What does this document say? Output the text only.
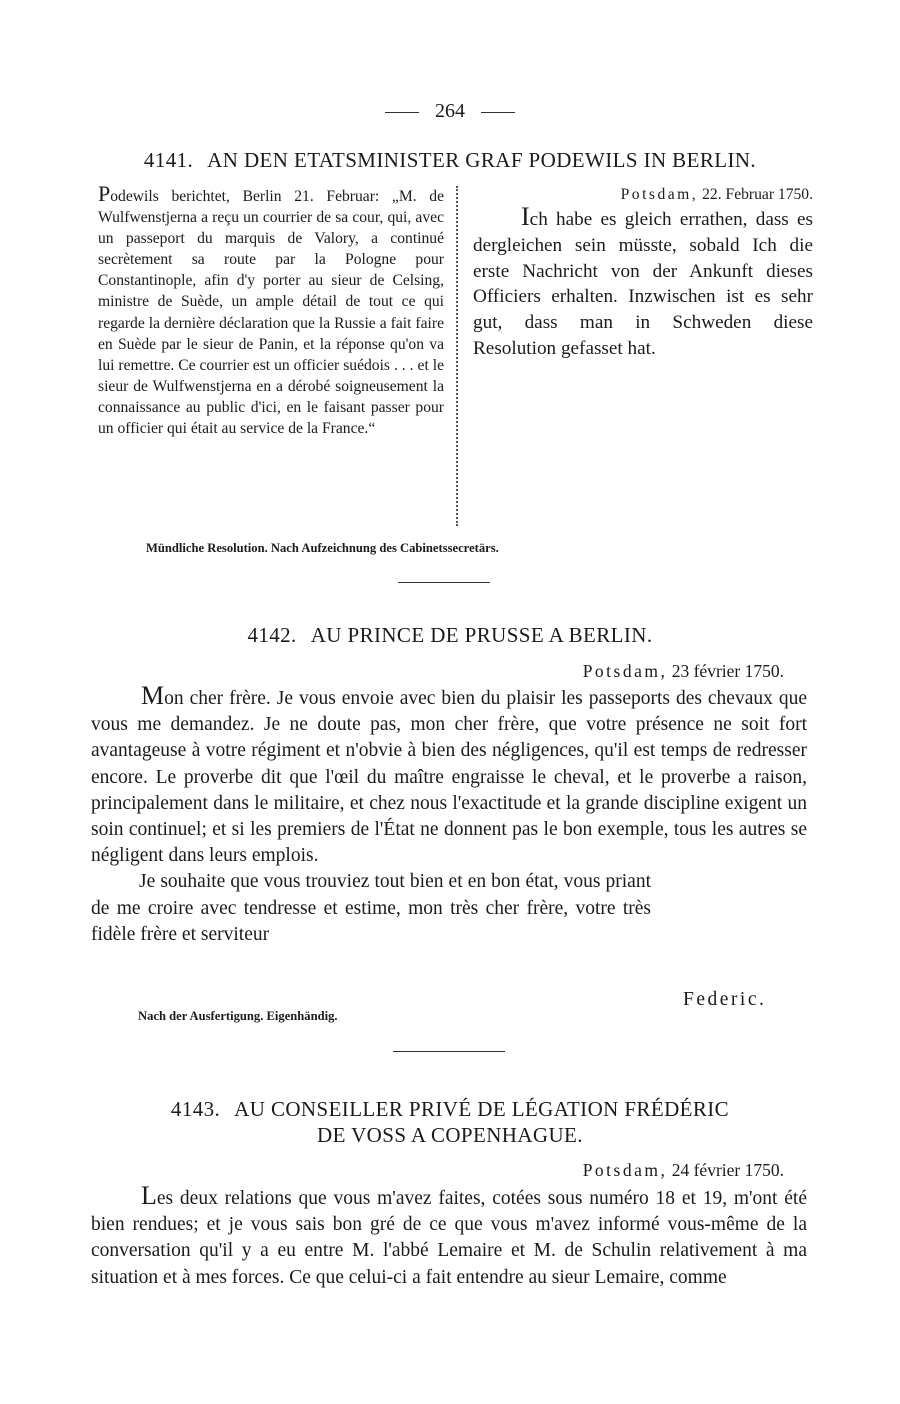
264
4141. AN DEN ETATSMINISTER GRAF PODEWILS IN BERLIN.

Podewils berichtet, Berlin 21. Februar: „M. de Wulfwenstjerna a reçu un courrier de sa cour, qui, avec un passeport du marquis de Valory, a continué secrètement sa route par la Pologne pour Constantinople, afin d'y porter au sieur de Celsing, ministre de Suède, un ample détail de tout ce qui regarde la dernière déclaration que la Russie a fait faire en Suède par le sieur de Panin, et la réponse qu'on va lui remettre. Ce courrier est un officier suédois . . . et le sieur de Wulfwenstjerna en a dérobé soigneusement la connaissance au public d'ici, en le faisant passer pour un officier qui était au service de la France.“

Potsdam, 22. Februar 1750.

Ich habe es gleich errathen, dass es dergleichen sein müsste, sobald Ich die erste Nachricht von der Ankunft dieses Officiers erhalten. Inzwischen ist es sehr gut, dass man in Schweden diese Resolution gefasset hat.

Mündliche Resolution. Nach Aufzeichnung des Cabinetssecretärs.
4142. AU PRINCE DE PRUSSE A BERLIN.
Potsdam, 23 février 1750.

Mon cher frère. Je vous envoie avec bien du plaisir les passeports des chevaux que vous me demandez. Je ne doute pas, mon cher frère, que votre présence ne soit fort avantageuse à votre régiment et n'obvie à bien des négligences, qu'il est temps de redresser encore. Le proverbe dit que l'œil du maître engraisse le cheval, et le proverbe a raison, principalement dans le militaire, et chez nous l'exactitude et la grande discipline exigent un soin continuel; et si les premiers de l'État ne donnent pas le bon exemple, tous les autres se négligent dans leurs emplois.

Je souhaite que vous trouviez tout bien et en bon état, vous priant de me croire avec tendresse et estime, mon très cher frère, votre très fidèle frère et serviteur

Federic.
Nach der Ausfertigung. Eigenhändig.
4143. AU CONSEILLER PRIVÉ DE LÉGATION FRÉDÉRIC
DE VOSS A COPENHAGUE.
Potsdam, 24 février 1750.

Les deux relations que vous m'avez faites, cotées sous numéro 18 et 19, m'ont été bien rendues; et je vous sais bon gré de ce que vous m'avez informé vous-même de la conversation qu'il y a eu entre M. l'abbé Lemaire et M. de Schulin relativement à ma situation et à mes forces. Ce que celui-ci a fait entendre au sieur Lemaire, comme
